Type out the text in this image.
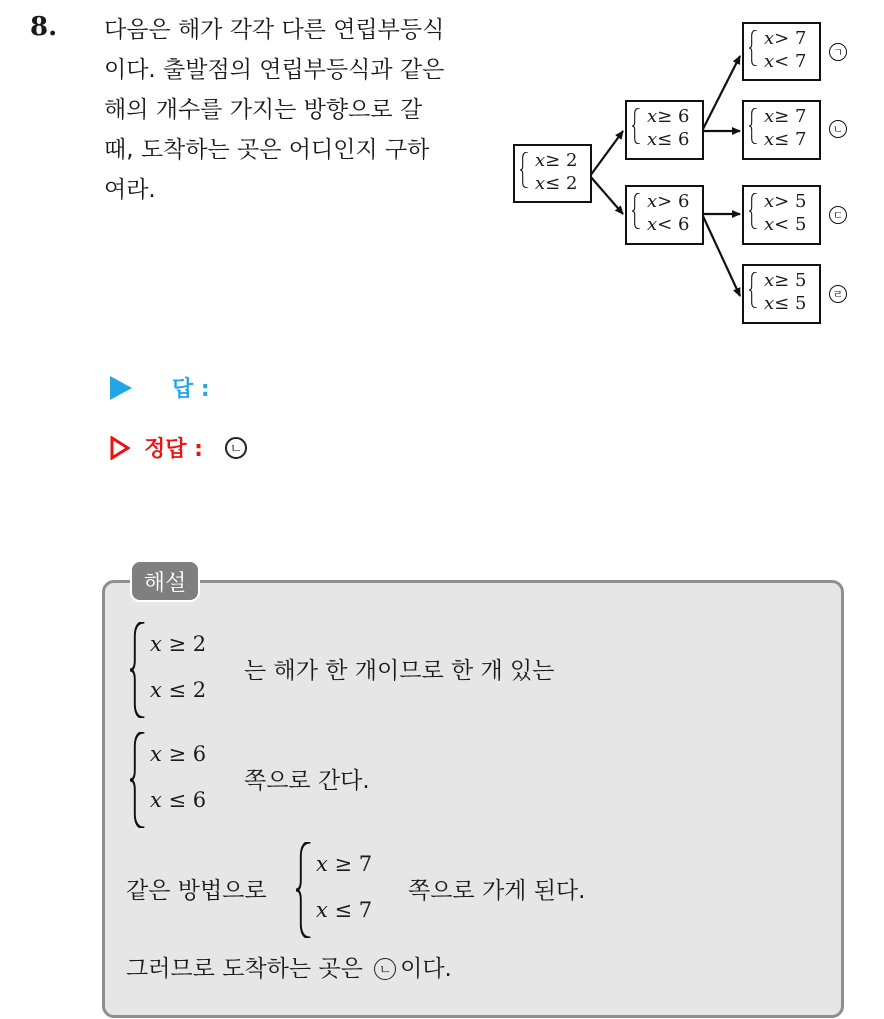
8. 다음은 해가 각각 다른 연립부등식
이다. 출발점의 연립부등식과 같은
해의 개수를 가지는 방향으로 갈
때, 도착하는 곳은 어디인지 구하
여라.
x≥ 2
x≤ 2
x≥ 6
x≤ 6
x> 6
x< 6
x> 7
x< 7	ㄱ
x≥ 7
x≤ 7	ㄴ
x> 5
x< 5	ㄷ
x≥ 5
x≤ 5	ㄹ
답 :
정답 :	ㄴ
해설
x ≥ 2
x ≤ 2
는 해가 한 개이므로 한 개 있는
x ≥ 6
x ≤ 6
쪽으로 간다.
같은 방법으로
x ≥ 7
x ≤ 7
쪽으로 가게 된다.
그러므로 도착하는 곳은 ㄴ 이다.
